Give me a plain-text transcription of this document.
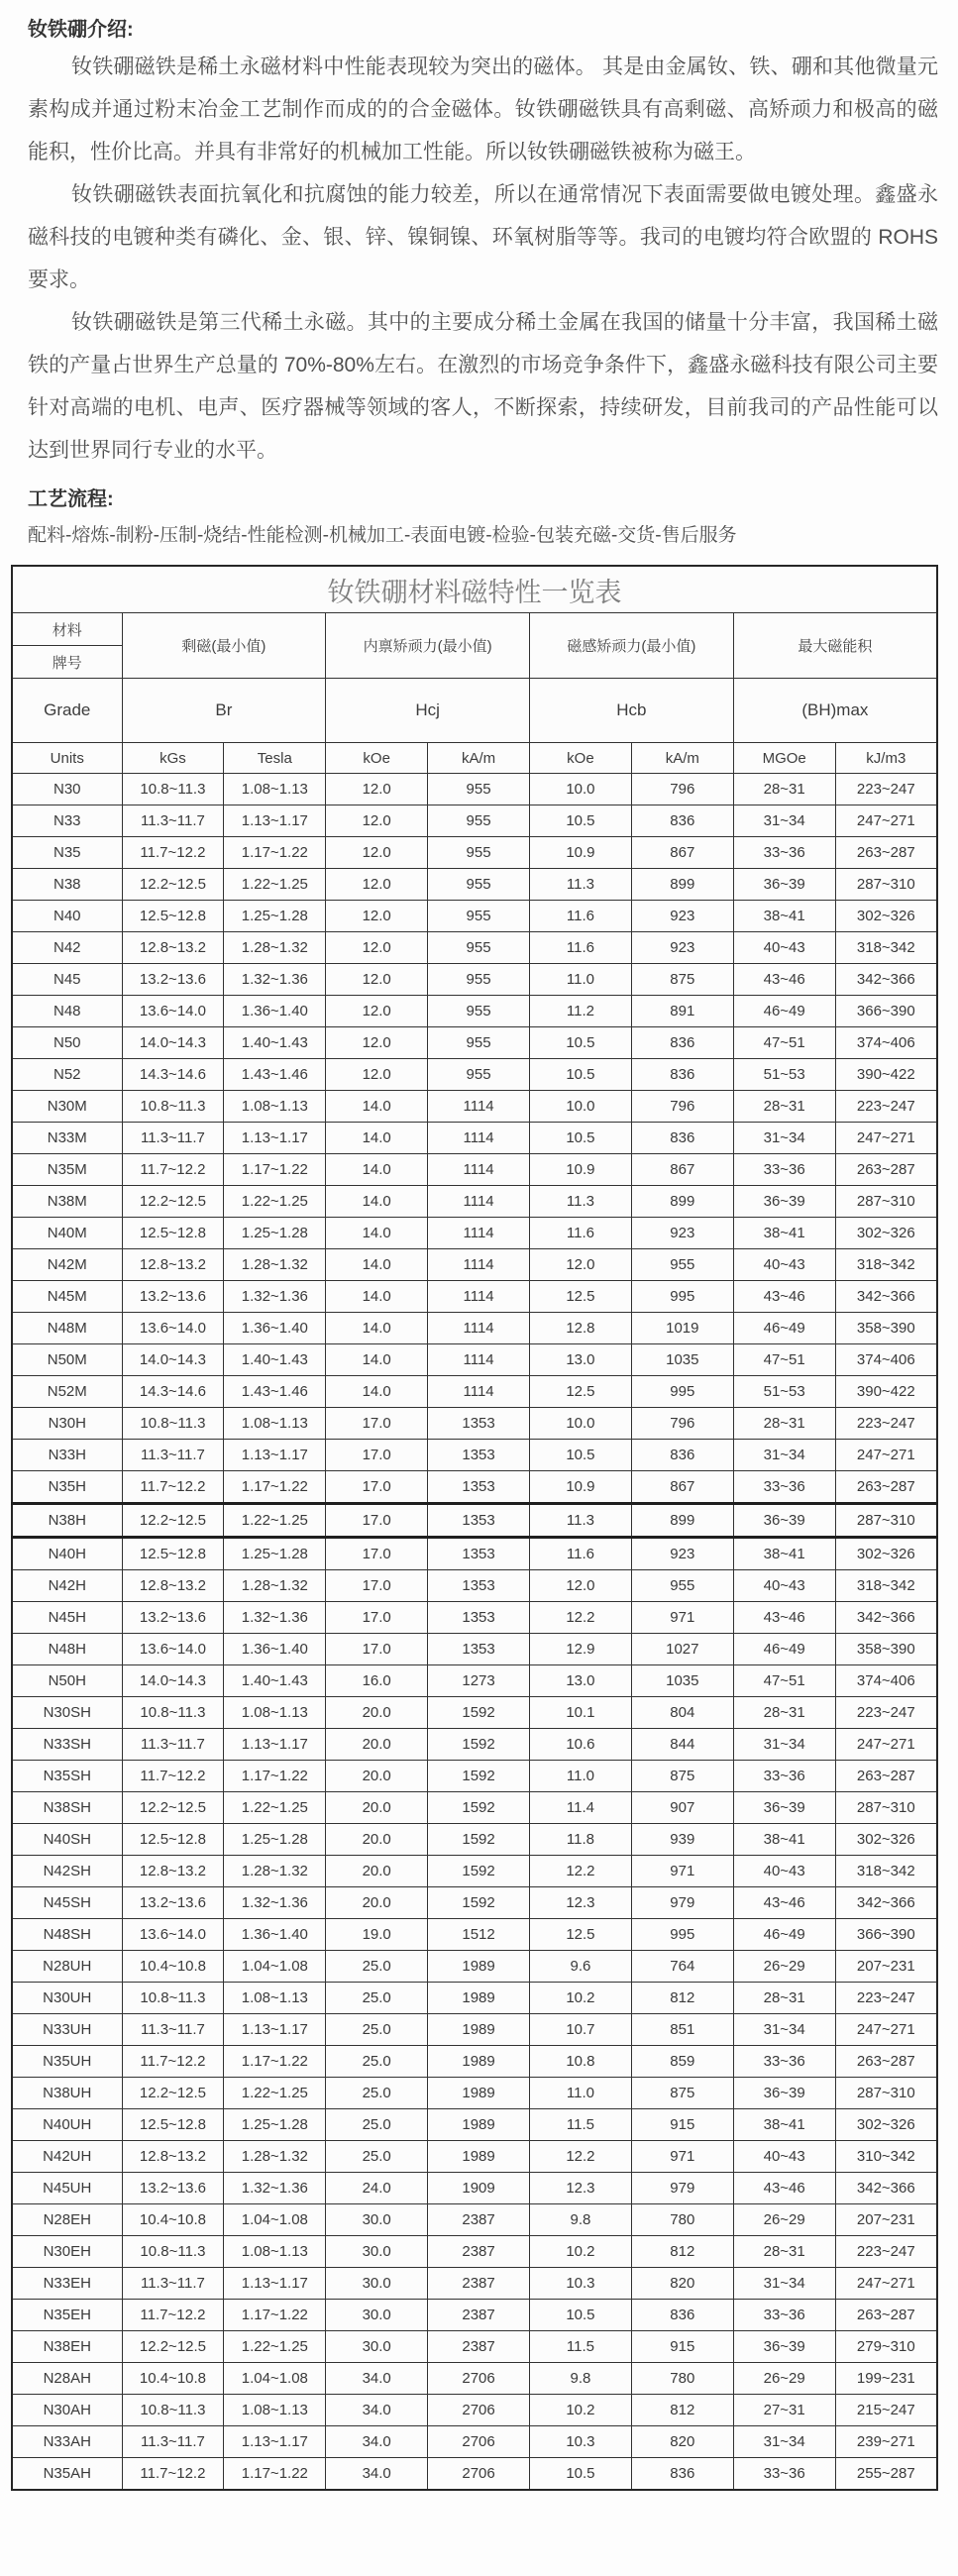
钕铁硼介绍:

钕铁硼磁铁是稀土永磁材料中性能表现较为突出的磁体。 其是由金属钕、铁、硼和其他微量元素构成并通过粉末冶金工艺制作而成的的合金磁体。钕铁硼磁铁具有高剩磁、高矫顽力和极高的磁能积，性价比高。并具有非常好的机械加工性能。所以钕铁硼磁铁被称为磁王。

钕铁硼磁铁表面抗氧化和抗腐蚀的能力较差，所以在通常情况下表面需要做电镀处理。鑫盛永磁科技的电镀种类有磷化、金、银、锌、镍铜镍、环氧树脂等等。我司的电镀均符合欧盟的 ROHS 要求。

钕铁硼磁铁是第三代稀土永磁。其中的主要成分稀土金属在我国的储量十分丰富，我国稀土磁铁的产量占世界生产总量的 70%-80%左右。在激烈的市场竞争条件下，鑫盛永磁科技有限公司主要针对高端的电机、电声、医疗器械等领域的客人，不断探索，持续研发，目前我司的产品性能可以达到世界同行专业的水平。

工艺流程:

配料-熔炼-制粉-压制-烧结-性能检测-机械加工-表面电镀-检验-包装充磁-交货-售后服务

钕铁硼材料磁特性一览表								
材料	剩磁(最小值)		内禀矫顽力(最小值)		磁感矫顽力(最小值)		最大磁能积	
牌号								
Grade	Br		Hcj		Hcb		(BH)max	
Units	kGs	Tesla	kOe	kA/m	kOe	kA/m	MGOe	kJ/m3
N30	10.8~11.3	1.08~1.13	12.0	955	10.0	796	28~31	223~247
N33	11.3~11.7	1.13~1.17	12.0	955	10.5	836	31~34	247~271
N35	11.7~12.2	1.17~1.22	12.0	955	10.9	867	33~36	263~287
N38	12.2~12.5	1.22~1.25	12.0	955	11.3	899	36~39	287~310
N40	12.5~12.8	1.25~1.28	12.0	955	11.6	923	38~41	302~326
N42	12.8~13.2	1.28~1.32	12.0	955	11.6	923	40~43	318~342
N45	13.2~13.6	1.32~1.36	12.0	955	11.0	875	43~46	342~366
N48	13.6~14.0	1.36~1.40	12.0	955	11.2	891	46~49	366~390
N50	14.0~14.3	1.40~1.43	12.0	955	10.5	836	47~51	374~406
N52	14.3~14.6	1.43~1.46	12.0	955	10.5	836	51~53	390~422
N30M	10.8~11.3	1.08~1.13	14.0	1114	10.0	796	28~31	223~247
N33M	11.3~11.7	1.13~1.17	14.0	1114	10.5	836	31~34	247~271
N35M	11.7~12.2	1.17~1.22	14.0	1114	10.9	867	33~36	263~287
N38M	12.2~12.5	1.22~1.25	14.0	1114	11.3	899	36~39	287~310
N40M	12.5~12.8	1.25~1.28	14.0	1114	11.6	923	38~41	302~326
N42M	12.8~13.2	1.28~1.32	14.0	1114	12.0	955	40~43	318~342
N45M	13.2~13.6	1.32~1.36	14.0	1114	12.5	995	43~46	342~366
N48M	13.6~14.0	1.36~1.40	14.0	1114	12.8	1019	46~49	358~390
N50M	14.0~14.3	1.40~1.43	14.0	1114	13.0	1035	47~51	374~406
N52M	14.3~14.6	1.43~1.46	14.0	1114	12.5	995	51~53	390~422
N30H	10.8~11.3	1.08~1.13	17.0	1353	10.0	796	28~31	223~247
N33H	11.3~11.7	1.13~1.17	17.0	1353	10.5	836	31~34	247~271
N35H	11.7~12.2	1.17~1.22	17.0	1353	10.9	867	33~36	263~287
N38H	12.2~12.5	1.22~1.25	17.0	1353	11.3	899	36~39	287~310
N40H	12.5~12.8	1.25~1.28	17.0	1353	11.6	923	38~41	302~326
N42H	12.8~13.2	1.28~1.32	17.0	1353	12.0	955	40~43	318~342
N45H	13.2~13.6	1.32~1.36	17.0	1353	12.2	971	43~46	342~366
N48H	13.6~14.0	1.36~1.40	17.0	1353	12.9	1027	46~49	358~390
N50H	14.0~14.3	1.40~1.43	16.0	1273	13.0	1035	47~51	374~406
N30SH	10.8~11.3	1.08~1.13	20.0	1592	10.1	804	28~31	223~247
N33SH	11.3~11.7	1.13~1.17	20.0	1592	10.6	844	31~34	247~271
N35SH	11.7~12.2	1.17~1.22	20.0	1592	11.0	875	33~36	263~287
N38SH	12.2~12.5	1.22~1.25	20.0	1592	11.4	907	36~39	287~310
N40SH	12.5~12.8	1.25~1.28	20.0	1592	11.8	939	38~41	302~326
N42SH	12.8~13.2	1.28~1.32	20.0	1592	12.2	971	40~43	318~342
N45SH	13.2~13.6	1.32~1.36	20.0	1592	12.3	979	43~46	342~366
N48SH	13.6~14.0	1.36~1.40	19.0	1512	12.5	995	46~49	366~390
N28UH	10.4~10.8	1.04~1.08	25.0	1989	9.6	764	26~29	207~231
N30UH	10.8~11.3	1.08~1.13	25.0	1989	10.2	812	28~31	223~247
N33UH	11.3~11.7	1.13~1.17	25.0	1989	10.7	851	31~34	247~271
N35UH	11.7~12.2	1.17~1.22	25.0	1989	10.8	859	33~36	263~287
N38UH	12.2~12.5	1.22~1.25	25.0	1989	11.0	875	36~39	287~310
N40UH	12.5~12.8	1.25~1.28	25.0	1989	11.5	915	38~41	302~326
N42UH	12.8~13.2	1.28~1.32	25.0	1989	12.2	971	40~43	310~342
N45UH	13.2~13.6	1.32~1.36	24.0	1909	12.3	979	43~46	342~366
N28EH	10.4~10.8	1.04~1.08	30.0	2387	9.8	780	26~29	207~231
N30EH	10.8~11.3	1.08~1.13	30.0	2387	10.2	812	28~31	223~247
N33EH	11.3~11.7	1.13~1.17	30.0	2387	10.3	820	31~34	247~271
N35EH	11.7~12.2	1.17~1.22	30.0	2387	10.5	836	33~36	263~287
N38EH	12.2~12.5	1.22~1.25	30.0	2387	11.5	915	36~39	279~310
N28AH	10.4~10.8	1.04~1.08	34.0	2706	9.8	780	26~29	199~231
N30AH	10.8~11.3	1.08~1.13	34.0	2706	10.2	812	27~31	215~247
N33AH	11.3~11.7	1.13~1.17	34.0	2706	10.3	820	31~34	239~271
N35AH	11.7~12.2	1.17~1.22	34.0	2706	10.5	836	33~36	255~287
